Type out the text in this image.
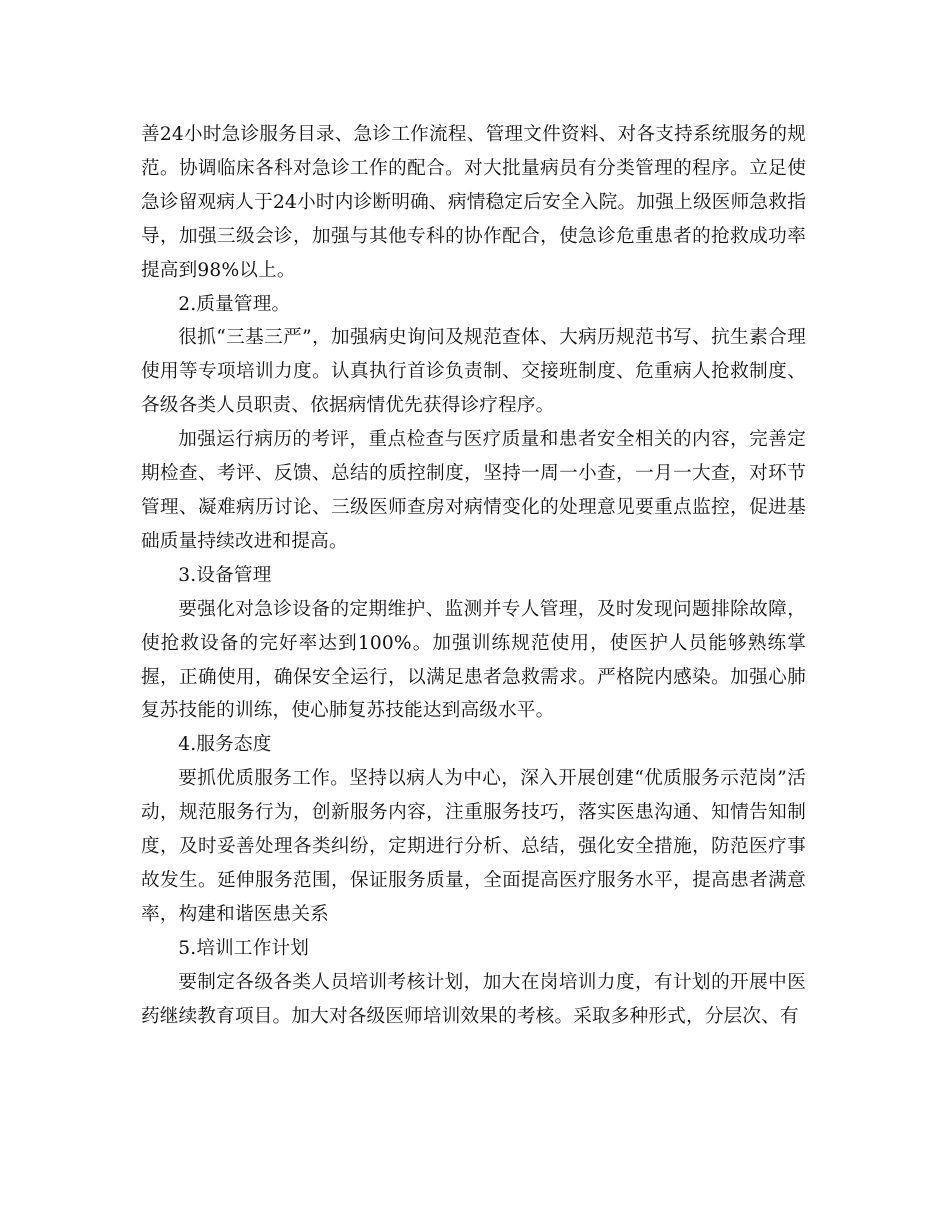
善24小时急诊服务目录、急诊工作流程、管理文件资料、对各支持系统服务的规范。协调临床各科对急诊工作的配合。对大批量病员有分类管理的程序。立足使急诊留观病人于24小时内诊断明确、病情稳定后安全入院。加强上级医师急救指导，加强三级会诊，加强与其他专科的协作配合，使急诊危重患者的抢救成功率提高到98%以上。

2.质量管理。

很抓“三基三严”，加强病史询问及规范查体、大病历规范书写、抗生素合理使用等专项培训力度。认真执行首诊负责制、交接班制度、危重病人抢救制度、各级各类人员职责、依据病情优先获得诊疗程序。

加强运行病历的考评，重点检查与医疗质量和患者安全相关的内容，完善定期检查、考评、反馈、总结的质控制度，坚持一周一小查，一月一大查，对环节管理、凝难病历讨论、三级医师查房对病情变化的处理意见要重点监控，促进基础质量持续改进和提高。

3.设备管理

要强化对急诊设备的定期维护、监测并专人管理，及时发现问题排除故障，使抢救设备的完好率达到100%。加强训练规范使用，使医护人员能够熟练掌握，正确使用，确保安全运行，以满足患者急救需求。严格院内感染。加强心肺复苏技能的训练，使心肺复苏技能达到高级水平。

4.服务态度

要抓优质服务工作。坚持以病人为中心，深入开展创建“优质服务示范岗”活动，规范服务行为，创新服务内容，注重服务技巧，落实医患沟通、知情告知制度，及时妥善处理各类纠纷，定期进行分析、总结，强化安全措施，防范医疗事故发生。延伸服务范围，保证服务质量，全面提高医疗服务水平，提高患者满意率，构建和谐医患关系

5.培训工作计划

要制定各级各类人员培训考核计划，加大在岗培训力度，有计划的开展中医药继续教育项目。加大对各级医师培训效果的考核。采取多种形式，分层次、有
